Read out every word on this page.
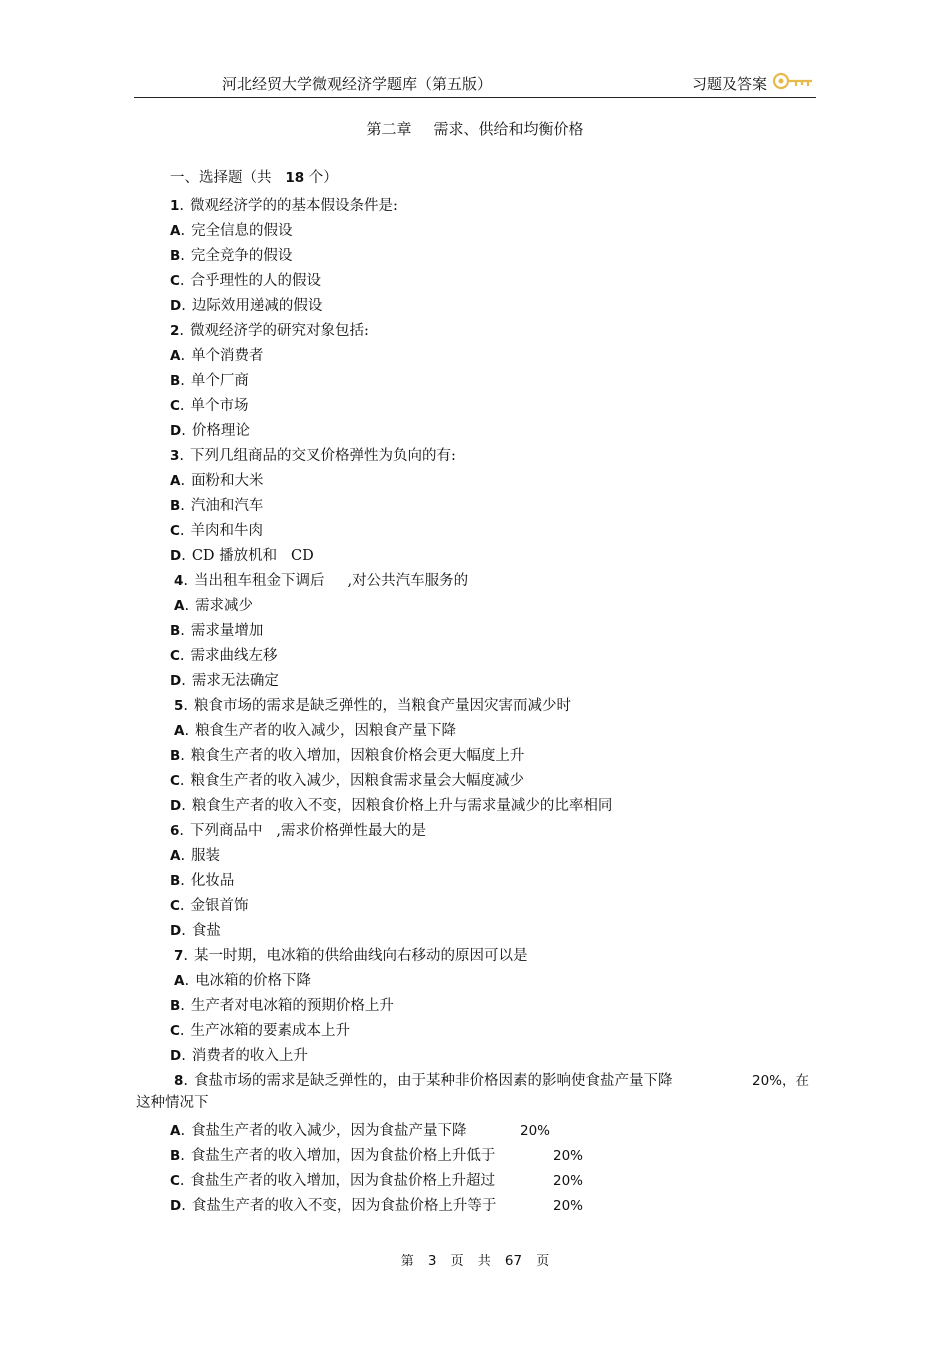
河北经贸大学微观经济学题库（第五版）	习题及答案
第二章 需求、供给和均衡价格
一、选择题（共 18 个）
1. 微观经济学的的基本假设条件是:
A. 完全信息的假设
B. 完全竞争的假设
C. 合乎理性的人的假设
D. 边际效用递减的假设
2. 微观经济学的研究对象包括:
A. 单个消费者
B. 单个厂商
C. 单个市场
D. 价格理论
3. 下列几组商品的交叉价格弹性为负向的有:
A. 面粉和大米
B. 汽油和汽车
C. 羊肉和牛肉
D. CD 播放机和   CD
4. 当出租车租金下调后     ,对公共汽车服务的
A. 需求减少
B. 需求量增加
C. 需求曲线左移
D. 需求无法确定
5. 粮食市场的需求是缺乏弹性的，当粮食产量因灾害而减少时
A. 粮食生产者的收入减少，因粮食产量下降
B. 粮食生产者的收入增加，因粮食价格会更大幅度上升
C. 粮食生产者的收入减少，因粮食需求量会大幅度减少
D. 粮食生产者的收入不变，因粮食价格上升与需求量减少的比率相同
6. 下列商品中   ,需求价格弹性最大的是
A. 服装
B. 化妆品
C. 金银首饰
D. 食盐
7. 某一时期，电冰箱的供给曲线向右移动的原因可以是
A. 电冰箱的价格下降
B. 生产者对电冰箱的预期价格上升
C. 生产冰箱的要素成本上升
D. 消费者的收入上升
8. 食盐市场的需求是缺乏弹性的，由于某种非价格因素的影响使食盐产量下降	20%，在
这种情况下
A. 食盐生产者的收入减少，因为食盐产量下降	20%
B. 食盐生产者的收入增加，因为食盐价格上升低于	20%
C. 食盐生产者的收入增加，因为食盐价格上升超过	20%
D. 食盐生产者的收入不变，因为食盐价格上升等于	20%
第 3 页 共 67 页
